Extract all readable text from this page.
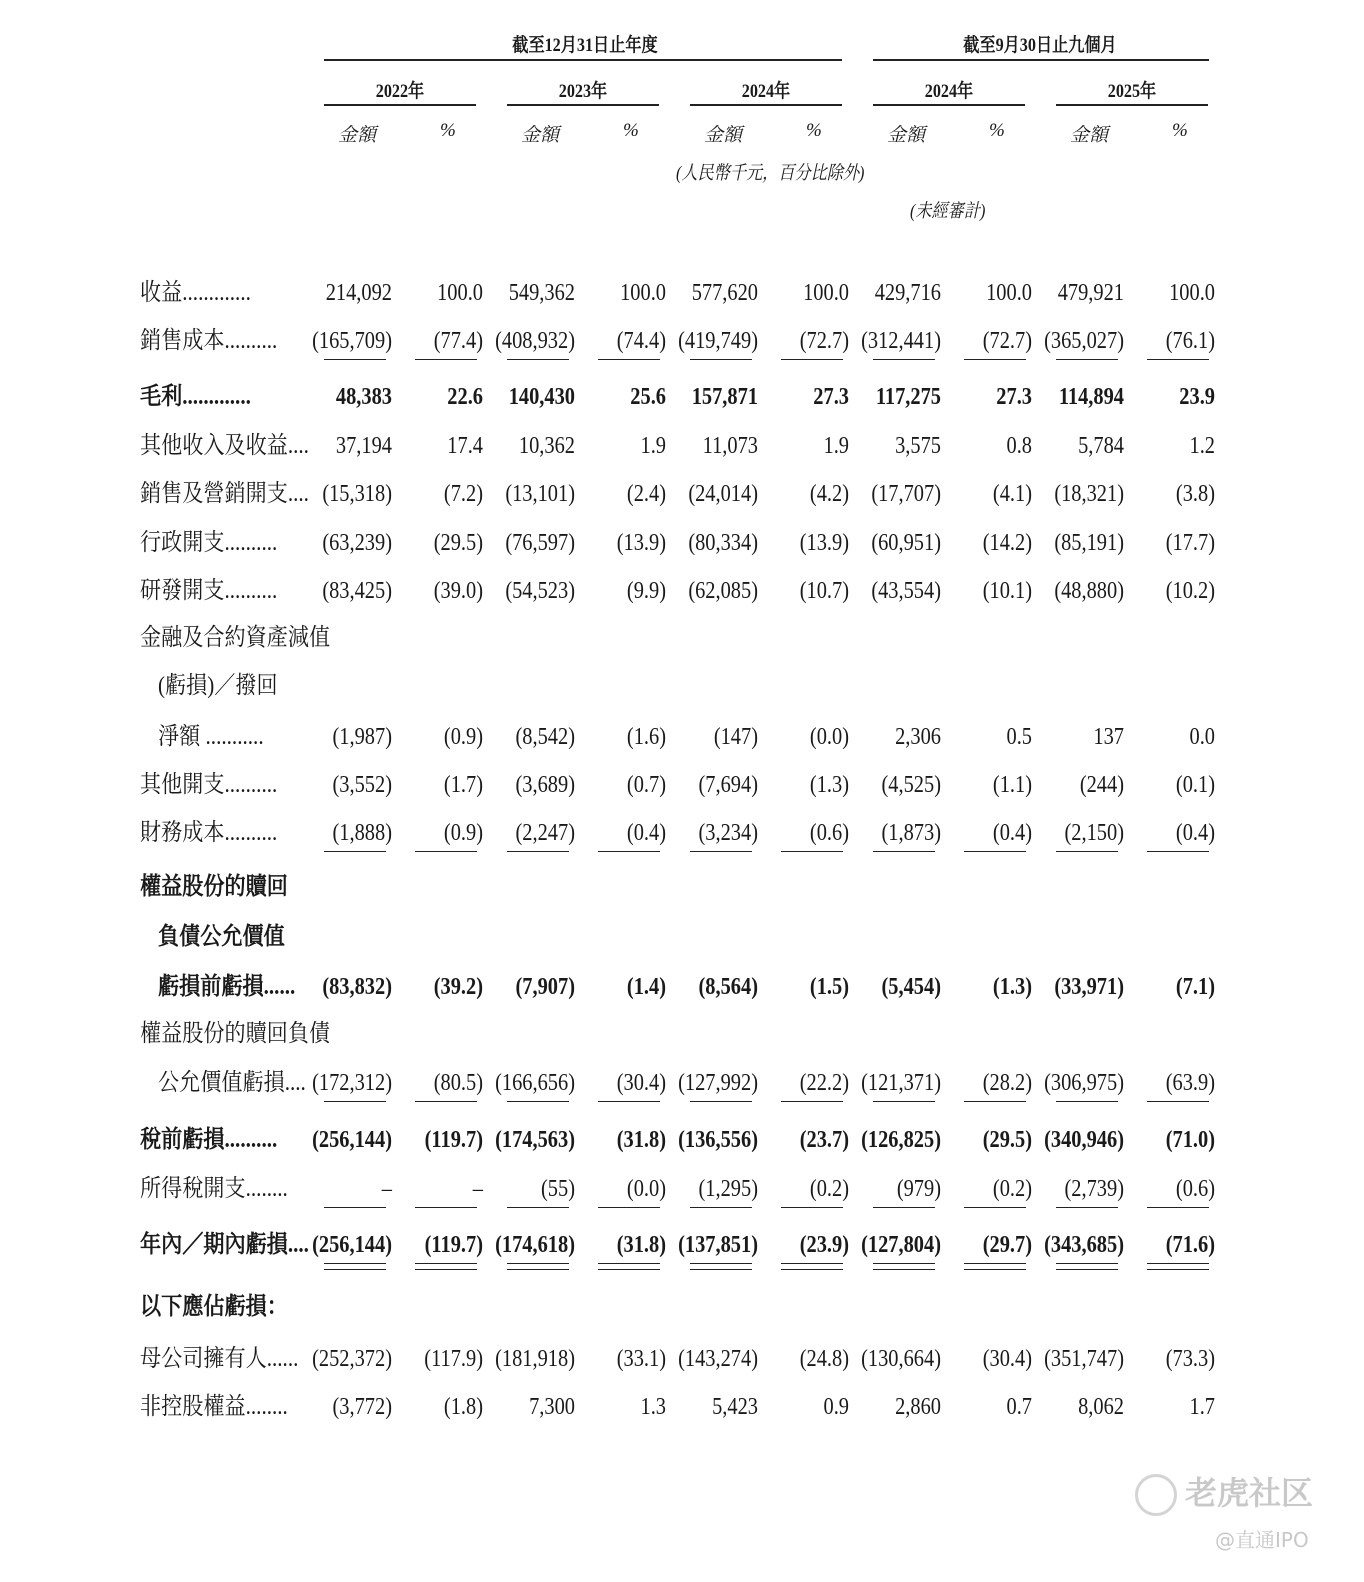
截至12月31日止年度	截至9月30日止九個月
2022年
金額	%
2023年
金額	%
2024年
金額	%
2024年
金額	%
2025年
金額	%
(人民幣千元，百分比除外)
(未經審計)
收益.............	214,092	100.0	549,362	100.0	577,620	100.0	429,716	100.0	479,921	100.0
銷售成本..........	(165,709)	(77.4) (408,932)	(74.4) (419,749)	(72.7) (312,441)	(72.7) (365,027)	(76.1)
毛利.............	48,383	22.6	140,430	25.6	157,871	27.3	117,275	27.3	114,894	23.9
其他收入及收益....	37,194	17.4	10,362	1.9	11,073	1.9	3,575	0.8	5,784	1.2
銷售及營銷開支.... (15,318)	(7.2) (13,101)	(2.4) (24,014)	(4.2) (17,707)	(4.1) (18,321)	(3.8)
行政開支..........	(63,239)	(29.5) (76,597)	(13.9) (80,334)	(13.9) (60,951)	(14.2) (85,191)	(17.7)
研發開支..........	(83,425)	(39.0) (54,523)	(9.9) (62,085)	(10.7) (43,554)	(10.1) (48,880)	(10.2)
金融及合約資產減值
(虧損)／撥回
淨額 ...........	(1,987)	(0.9)	(8,542)	(1.6)	(147)	(0.0)	2,306	0.5	137	0.0
其他開支..........	(3,552)	(1.7)	(3,689)	(0.7)	(7,694)	(1.3)	(4,525)	(1.1)	(244)	(0.1)
財務成本..........	(1,888)	(0.9)	(2,247)	(0.4)	(3,234)	(0.6)	(1,873)	(0.4)	(2,150)	(0.4)
權益股份的贖回
負債公允價值
虧損前虧損......	(83,832)	(39.2)	(7,907)	(1.4)	(8,564)	(1.5)	(5,454)	(1.3) (33,971)	(7.1)
權益股份的贖回負債
公允價值虧損.... (172,312)	(80.5) (166,656)	(30.4) (127,992)	(22.2) (121,371)	(28.2) (306,975)	(63.9)
稅前虧損..........	(256,144)	(119.7) (174,563)	(31.8) (136,556)	(23.7) (126,825)	(29.5) (340,946)	(71.0)
所得稅開支........	–	–	(55)	(0.0)	(1,295)	(0.2)	(979)	(0.2)	(2,739)	(0.6)
年內／期內虧損.... (256,144)	(119.7) (174,618)	(31.8) (137,851)	(23.9) (127,804)	(29.7) (343,685)	(71.6)
以下應佔虧損：
母公司擁有人...... (252,372)	(117.9) (181,918)	(33.1) (143,274)	(24.8) (130,664)	(30.4) (351,747)	(73.3)
非控股權益........	(3,772)	(1.8)	7,300	1.3	5,423	0.9	2,860	0.7	8,062	1.7
老虎社区
@直通IPO
